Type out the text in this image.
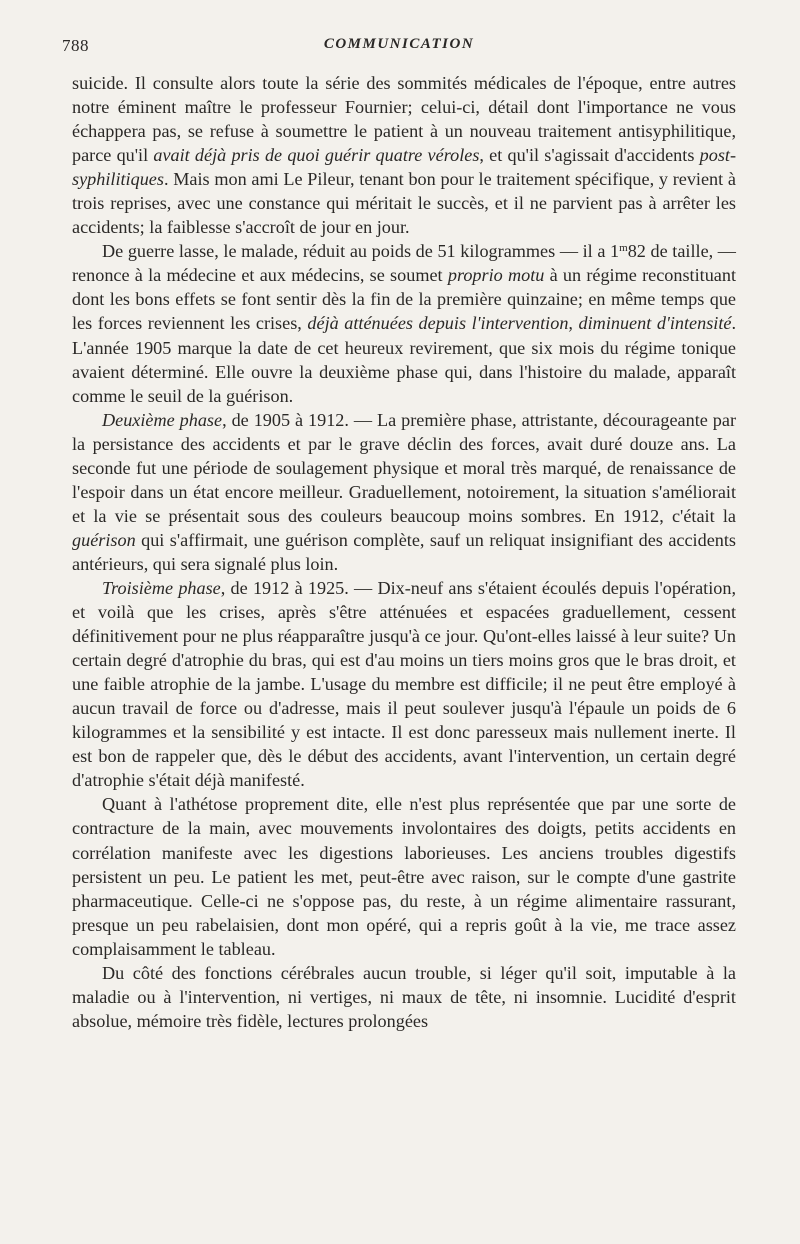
788	COMMUNICATION

suicide. Il consulte alors toute la série des sommités médicales de l'époque, entre autres notre éminent maître le professeur Fournier; celui-ci, détail dont l'importance ne vous échappera pas, se refuse à soumettre le patient à un nouveau traitement antisyphilitique, parce qu'il avait déjà pris de quoi guérir quatre véroles, et qu'il s'agissait d'accidents post-syphilitiques. Mais mon ami Le Pileur, tenant bon pour le traitement spécifique, y revient à trois reprises, avec une constance qui méritait le succès, et il ne parvient pas à arrêter les accidents; la faiblesse s'accroît de jour en jour.

De guerre lasse, le malade, réduit au poids de 51 kilogrammes — il a 1$^m$82 de taille, — renonce à la médecine et aux médecins, se soumet proprio motu à un régime reconstituant dont les bons effets se font sentir dès la fin de la première quinzaine; en même temps que les forces reviennent les crises, déjà atténuées depuis l'intervention, diminuent d'intensité. L'année 1905 marque la date de cet heureux revirement, que six mois du régime tonique avaient déterminé. Elle ouvre la deuxième phase qui, dans l'histoire du malade, apparaît comme le seuil de la guérison.

Deuxième phase, de 1905 à 1912. — La première phase, attristante, décourageante par la persistance des accidents et par le grave déclin des forces, avait duré douze ans. La seconde fut une période de soulagement physique et moral très marqué, de renaissance de l'espoir dans un état encore meilleur. Graduellement, notoirement, la situation s'améliorait et la vie se présentait sous des couleurs beaucoup moins sombres. En 1912, c'était la guérison qui s'affirmait, une guérison complète, sauf un reliquat insignifiant des accidents antérieurs, qui sera signalé plus loin.

Troisième phase, de 1912 à 1925. — Dix-neuf ans s'étaient écoulés depuis l'opération, et voilà que les crises, après s'être atténuées et espacées graduellement, cessent définitivement pour ne plus réapparaître jusqu'à ce jour. Qu'ont-elles laissé à leur suite? Un certain degré d'atrophie du bras, qui est d'au moins un tiers moins gros que le bras droit, et une faible atrophie de la jambe. L'usage du membre est difficile; il ne peut être employé à aucun travail de force ou d'adresse, mais il peut soulever jusqu'à l'épaule un poids de 6 kilogrammes et la sensibilité y est intacte. Il est donc paresseux mais nullement inerte. Il est bon de rappeler que, dès le début des accidents, avant l'intervention, un certain degré d'atrophie s'était déjà manifesté.

Quant à l'athétose proprement dite, elle n'est plus représentée que par une sorte de contracture de la main, avec mouvements involontaires des doigts, petits accidents en corrélation manifeste avec les digestions laborieuses. Les anciens troubles digestifs persistent un peu. Le patient les met, peut-être avec raison, sur le compte d'une gastrite pharmaceutique. Celle-ci ne s'oppose pas, du reste, à un régime alimentaire rassurant, presque un peu rabelaisien, dont mon opéré, qui a repris goût à la vie, me trace assez complaisamment le tableau.

Du côté des fonctions cérébrales aucun trouble, si léger qu'il soit, imputable à la maladie ou à l'intervention, ni vertiges, ni maux de tête, ni insomnie. Lucidité d'esprit absolue, mémoire très fidèle, lectures prolongées
